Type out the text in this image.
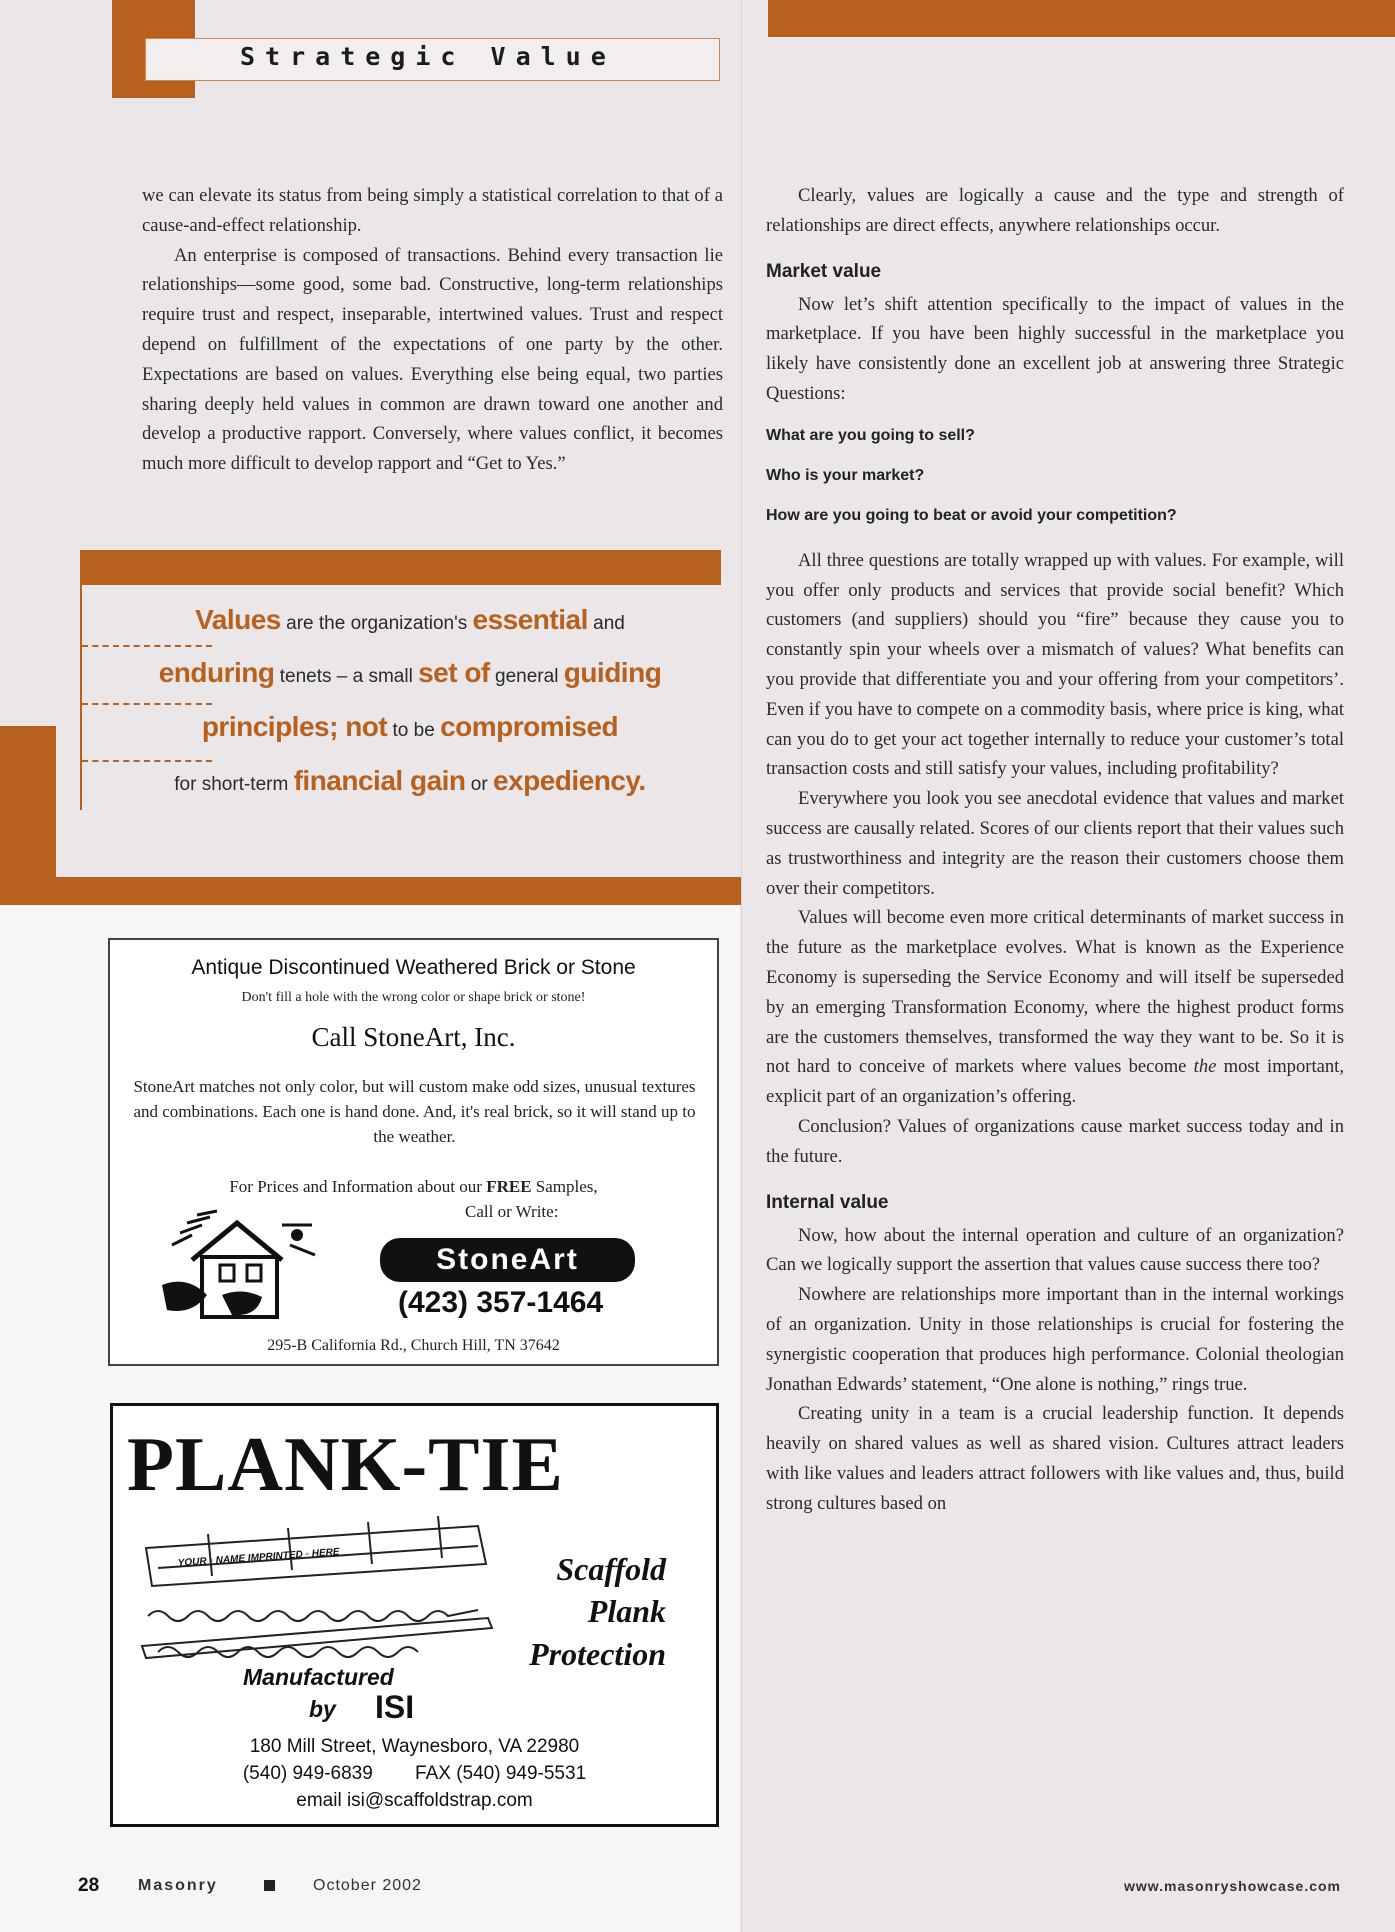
Strategic Value

we can elevate its status from being simply a statistical correlation to that of a cause-and-effect relationship.

An enterprise is composed of transactions. Behind every transaction lie relationships—some good, some bad. Constructive, long-term relationships require trust and respect, inseparable, intertwined values. Trust and respect depend on fulfillment of the expectations of one party by the other. Expectations are based on values. Everything else being equal, two parties sharing deeply held values in common are drawn toward one another and develop a productive rapport. Conversely, where values conflict, it becomes much more difficult to develop rapport and “Get to Yes.”

Values are the organization's essential and
enduring tenets – a small set of general guiding
principles; not to be compromised
for short-term financial gain or expediency.

Clearly, values are logically a cause and the type and strength of relationships are direct effects, anywhere relationships occur.

Market value

Now let’s shift attention specifically to the impact of values in the marketplace. If you have been highly successful in the marketplace you likely have consistently done an excellent job at answering three Strategic Questions:

What are you going to sell?
Who is your market?
How are you going to beat or avoid your competition?

All three questions are totally wrapped up with values. For example, will you offer only products and services that provide social benefit? Which customers (and suppliers) should you “fire” because they cause you to constantly spin your wheels over a mismatch of values? What benefits can you provide that differentiate you and your offering from your competitors’. Even if you have to compete on a commodity basis, where price is king, what can you do to get your act together internally to reduce your customer’s total transaction costs and still satisfy your values, including profitability?

Everywhere you look you see anecdotal evidence that values and market success are causally related. Scores of our clients report that their values such as trustworthiness and integrity are the reason their customers choose them over their competitors.

Values will become even more critical determinants of market success in the future as the marketplace evolves. What is known as the Experience Economy is superseding the Service Economy and will itself be superseded by an emerging Transformation Economy, where the highest product forms are the customers themselves, transformed the way they want to be. So it is not hard to conceive of markets where values become the most important, explicit part of an organization’s offering.

Conclusion? Values of organizations cause market success today and in the future.

Internal value

Now, how about the internal operation and culture of an organization? Can we logically support the assertion that values cause success there too?

Nowhere are relationships more important than in the internal workings of an organization. Unity in those relationships is crucial for fostering the synergistic cooperation that produces high performance. Colonial theologian Jonathan Edwards’ statement, “One alone is nothing,” rings true.

Creating unity in a team is a crucial leadership function. It depends heavily on shared values as well as shared vision. Cultures attract leaders with like values and leaders attract followers with like values and, thus, build strong cultures based on

Antique Discontinued Weathered Brick or Stone
Don't fill a hole with the wrong color or shape brick or stone!
Call StoneArt, Inc.
StoneArt matches not only color, but will custom make odd sizes, unusual textures and combinations. Each one is hand done. And, it's real brick, so it will stand up to the weather.
For Prices and Information about our FREE Samples,
Call or Write:
StoneArt
(423) 357-1464
295-B California Rd., Church Hill, TN 37642
PLANK-TIE
YOUR ◦ NAME IMPRINTED ◦ HERE	Scaffold
Plank
Protection
Manufactured
by ISI
180 Mill Street, Waynesboro, VA 22980
(540) 949-6839        FAX (540) 949-5531
email isi@scaffoldstrap.com
28 Masonry	October 2002	www.masonryshowcase.com
